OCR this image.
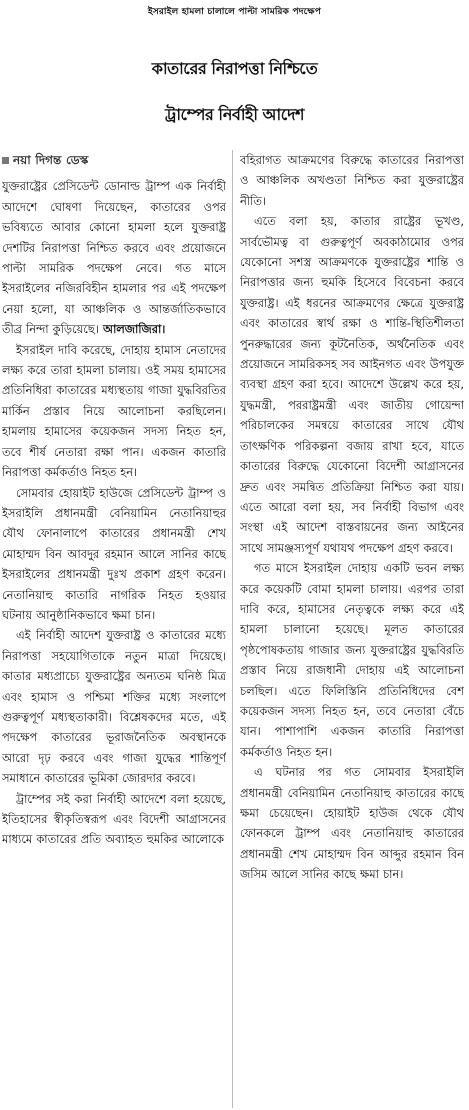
ইসরাইল হামলা চালালে পাল্টা সামরিক পদক্ষেপ
কাতারের নিরাপত্তা নিশ্চিতে
ট্রাম্পের নির্বাহী আদেশ
নয়া দিগন্ত ডেস্ক

যুক্তরাষ্ট্রের প্রেসিডেন্ট ডোনাল্ড ট্রাম্প এক নির্বাহী আদেশে ঘোষণা দিয়েছেন, কাতারের ওপর ভবিষ্যতে আবার কোনো হামলা হলে যুক্তরাষ্ট্র দেশটির নিরাপত্তা নিশ্চিত করবে এবং প্রয়োজনে পাল্টা সামরিক পদক্ষেপ নেবে। গত মাসে ইসরাইলের নজিরবিহীন হামলার পর এই পদক্ষেপ নেয়া হলো, যা আঞ্চলিক ও আন্তর্জাতিকভাবে তীব্র নিন্দা কুড়িয়েছে। আলজাজিরা।

ইসরাইল দাবি করেছে, দোহায় হামাস নেতাদের লক্ষ্য করে তারা হামলা চালায়। ওই সময় হামাসের প্রতিনিধিরা কাতারের মধ্যস্থতায় গাজা যুদ্ধবিরতির মার্কিন প্রস্তাব নিয়ে আলোচনা করছিলেন। হামলায় হামাসের কয়েকজন সদস্য নিহত হন, তবে শীর্ষ নেতারা রক্ষা পান। একজন কাতারি নিরাপত্তা কর্মকর্তাও নিহত হন।

সোমবার হোয়াইট হাউজে প্রেসিডেন্ট ট্রাম্প ও ইসরাইলি প্রধানমন্ত্রী বেনিয়ামিন নেতানিয়াহুর যৌথ ফোনালাপে কাতারের প্রধানমন্ত্রী শেখ মোহাম্মদ বিন আবদুর রহমান আলে সানির কাছে ইসরাইলের প্রধানমন্ত্রী দুঃখ প্রকাশ গ্রহণ করেন। নেতানিয়াহু কাতারি নাগরিক নিহত হওয়ার ঘটনায় আনুষ্ঠানিকভাবে ক্ষমা চান।

এই নির্বাহী আদেশ যুক্তরাষ্ট্র ও কাতারের মধ্যে নিরাপত্তা সহযোগিতাকে নতুন মাত্রা দিয়েছে। কাতার মধ্যপ্রাচ্যে যুক্তরাষ্ট্রের অন্যতম ঘনিষ্ঠ মিত্র এবং হামাস ও পশ্চিমা শক্তির মধ্যে সংলাপে গুরুত্বপূর্ণ মধ্যস্থতাকারী। বিশ্লেষকদের মতে, এই পদক্ষেপ কাতারের ভূরাজনৈতিক অবস্থানকে আরো দৃঢ় করবে এবং গাজা যুদ্ধের শান্তিপূর্ণ সমাধানে কাতারের ভূমিকা জোরদার করবে।

ট্রাম্পের সই করা নির্বাহী আদেশে বলা হয়েছে, ইতিহাসের স্বীকৃতিস্বরূপ এবং বিদেশী আগ্রাসনের মাধ্যমে কাতারের প্রতি অব্যাহত হুমকির আলোকে

বহিরাগত আক্রমণের বিরুদ্ধে কাতারের নিরাপত্তা ও আঞ্চলিক অখণ্ডতা নিশ্চিত করা যুক্তরাষ্ট্রের নীতি।

এতে বলা হয়, কাতার রাষ্ট্রের ভূখণ্ড, সার্বভৌমত্ব বা গুরুত্বপূর্ণ অবকাঠামোর ওপর যেকোনো সশস্ত্র আক্রমণকে যুক্তরাষ্ট্রের শান্তি ও নিরাপত্তার জন্য হুমকি হিসেবে বিবেচনা করবে যুক্তরাষ্ট্র। এই ধরনের আক্রমণের ক্ষেত্রে যুক্তরাষ্ট্র এবং কাতারের স্বার্থ রক্ষা ও শান্তি-স্থিতিশীলতা পুনরুদ্ধারের জন্য কূটনৈতিক, অর্থনৈতিক এবং প্রয়োজনে সামরিকসহ সব আইনগত এবং উপযুক্ত ব্যবস্থা গ্রহণ করা হবে। আদেশে উল্লেখ করে হয়, যুদ্ধমন্ত্রী, পররাষ্ট্রমন্ত্রী এবং জাতীয় গোয়েন্দা পরিচালকের সমন্বয়ে কাতারের সাথে যৌথ তাৎক্ষণিক পরিকল্পনা বজায় রাখা হবে, যাতে কাতারের বিরুদ্ধে যেকোনো বিদেশী আগ্রাসনের দ্রুত এবং সমন্বিত প্রতিক্রিয়া নিশ্চিত করা যায়। এতে আরো বলা হয়, সব নির্বাহী বিভাগ এবং সংস্থা এই আদেশ বাস্তবায়নের জন্য আইনের সাথে সামঞ্জস্যপূর্ণ যথাযথ পদক্ষেপ গ্রহণ করবে।

গত মাসে ইসরাইল দোহায় একটি ভবন লক্ষ্য করে কয়েকটি বোমা হামলা চালায়। এরপর তারা দাবি করে, হামাসের নেতৃত্বকে লক্ষ্য করে এই হামলা চালানো হয়েছে। মূলত কাতারের পৃষ্ঠপোষকতায় গাজার জন্য যুক্তরাষ্ট্রের যুদ্ধবিরতি প্রস্তাব নিয়ে রাজধানী দোহায় এই আলোচনা চলছিল। এতে ফিলিস্তিনি প্রতিনিধিদের বেশ কয়েকজন সদস্য নিহত হন, তবে নেতারা বেঁচে যান। পাশাপাশি একজন কাতারি নিরাপত্তা কর্মকর্তাও নিহত হন।

এ ঘটনার পর গত সোমবার ইসরাইলি প্রধানমন্ত্রী বেনিয়ামিন নেতানিয়াহু কাতারের কাছে ক্ষমা চেয়েছেন। হোয়াইট হাউজ থেকে যৌথ ফোনকলে ট্রাম্প এবং নেতানিয়াহু কাতারের প্রধানমন্ত্রী শেখ মোহাম্মদ বিন আব্দুর রহমান বিন জসিম আলে সানির কাছে ক্ষমা চান।
